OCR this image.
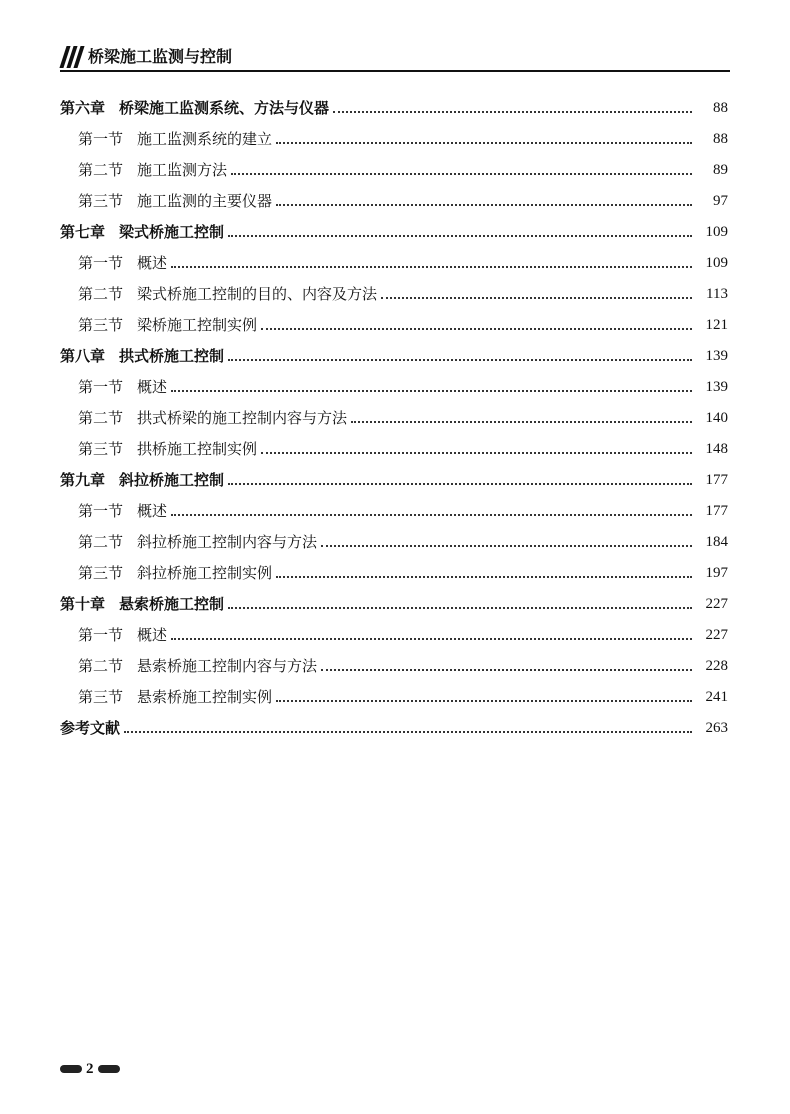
桥梁施工监测与控制
第六章 桥梁施工监测系统、方法与仪器	88
第一节 施工监测系统的建立	88
第二节 施工监测方法	89
第三节 施工监测的主要仪器	97
第七章 梁式桥施工控制	109
第一节 概述	109
第二节 梁式桥施工控制的目的、内容及方法	113
第三节 梁桥施工控制实例	121
第八章 拱式桥施工控制	139
第一节 概述	139
第二节 拱式桥梁的施工控制内容与方法	140
第三节 拱桥施工控制实例	148
第九章 斜拉桥施工控制	177
第一节 概述	177
第二节 斜拉桥施工控制内容与方法	184
第三节 斜拉桥施工控制实例	197
第十章 悬索桥施工控制	227
第一节 概述	227
第二节 悬索桥施工控制内容与方法	228
第三节 悬索桥施工控制实例	241
参考文献	263
2
